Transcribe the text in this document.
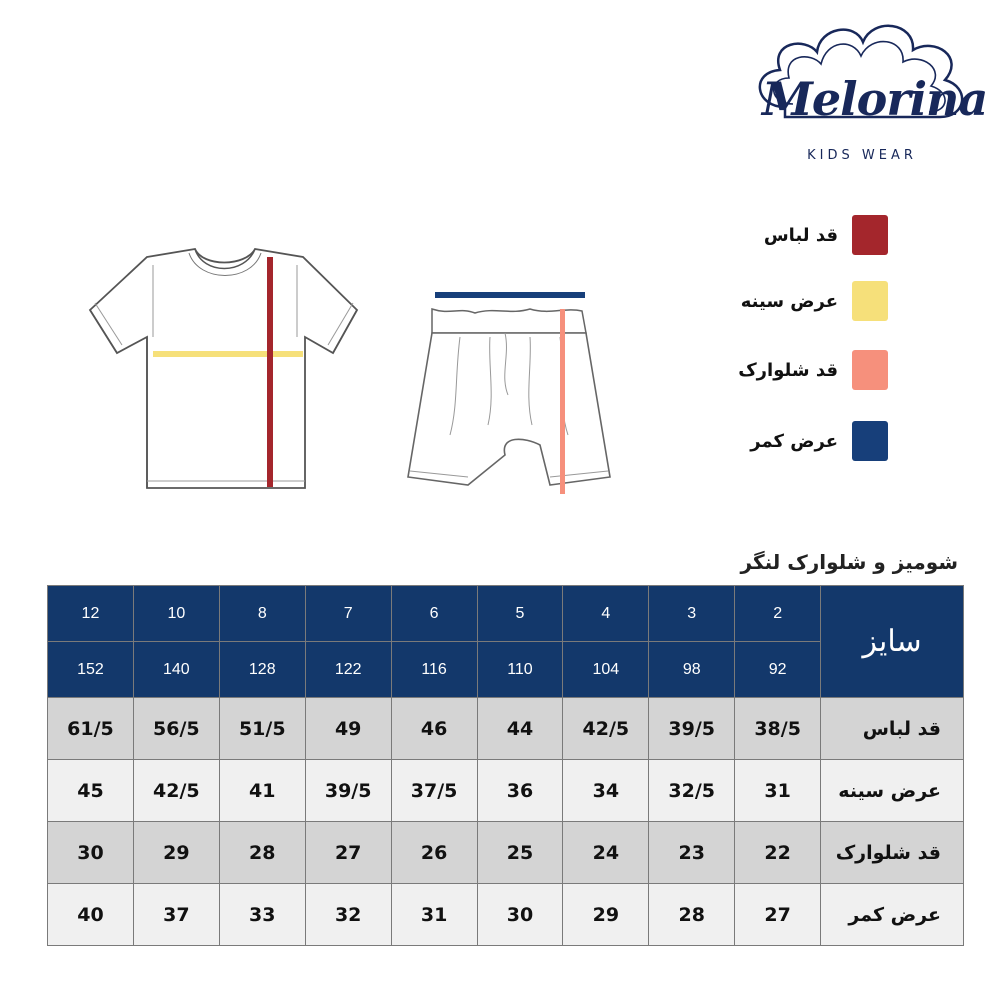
Melorina
KIDS WEAR
قد لباس
عرض سینه
قد شلوارک
عرض کمر
شومیز و شلوارک لنگر
12	10	8	7	6	5	4	3	2	سایز
152	140	128	122	116	110	104	98	92	
61/5	56/5	51/5	49	46	44	42/5	39/5	38/5	قد لباس
45	42/5	41	39/5	37/5	36	34	32/5	31	عرض سینه
30	29	28	27	26	25	24	23	22	قد شلوارک
40	37	33	32	31	30	29	28	27	عرض کمر
